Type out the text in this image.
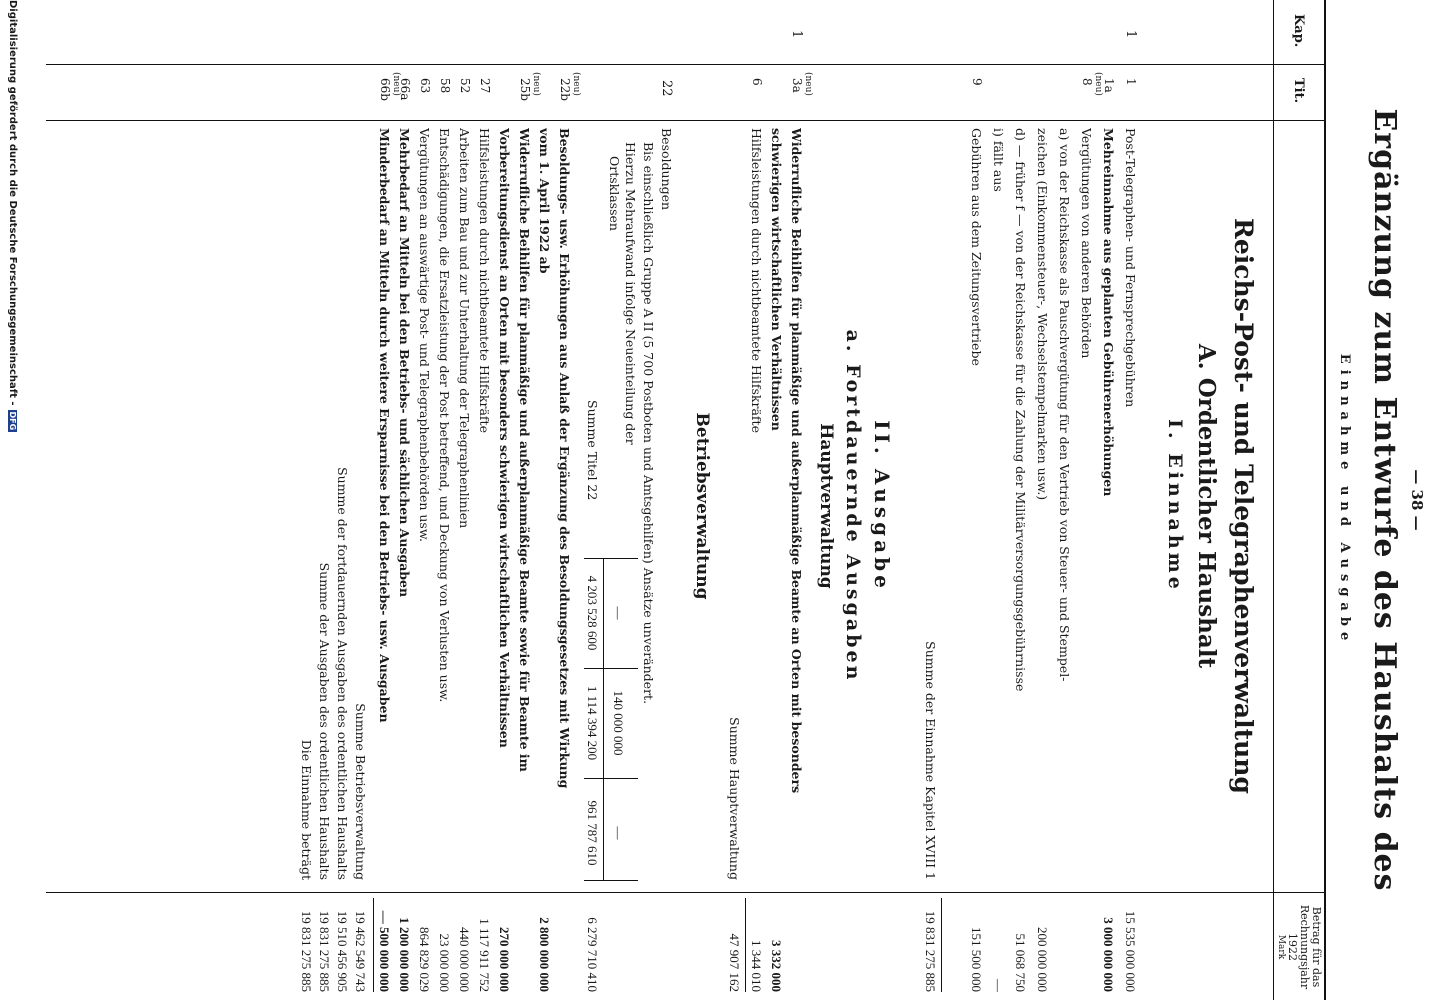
— 38 —
Ergänzung zum Entwurfe des Haushalts des
Einnahme und Ausgabe
Kap.
Tit.
Betrag für das Rechnungsjahr 1922
Mark
Reichs-Post- und Telegraphenverwaltung
A. Ordentlicher Haushalt
I. Einnahme
1
1
Post-Telegraphen- und Fernsprechgebühren
15 535 000 000
1a
Mehreinnahme aus geplanten Gebührenerhöhungen
3 000 000 000
8 (neu)
Vergütungen von anderen Behörden
a) von der Reichskasse als Pauschvergütung für den Vertrieb von Steuer- und Stempel-
zeichen (Einkommensteuer-, Wechselstempelmarken usw.)
200 000 000
d) — früher f — von der Reichskasse für die Zahlung der Militärversorgungsgebührnisse
51 068 750
i) fällt aus
—
9
Gebühren aus dem Zeitungsvertriebe
151 500 000
Summe der Einnahme Kapitel XVIII 1
19 831 275 885
II. Ausgabe
a. Fortdauernde Ausgaben
Hauptverwaltung
1
3a (neu)
Widerrufliche Beihilfen für planmäßige und außerplanmäßige Beamte an Orten mit besonders
schwierigen wirtschaftlichen Verhältnissen
3 332 000
6
Hilfsleistungen durch nichtbeamtete Hilfskräfte
1 344 010
Summe Hauptverwaltung
47 907 162
Betriebsverwaltung
22
Besoldungen
Bis einschließlich Gruppe A II (5 700 Postboten und Amtsgehilfen) Ansätze unverändert.
Hierzu Mehraufwand infolge Neueinteilung der
Ortsklassen
—
140 000 000
—
4 203 528 600
1 114 394 200
961 787 610
Summe Titel 22
6 279 710 410
22b (neu)
Besoldungs- usw. Erhöhungen aus Anlaß der Ergänzung des Besoldungsgesetzes mit Wirkung
vom 1. April 1922 ab
2 800 000 000
25b (neu)
Widerrufliche Beihilfen für planmäßige und außerplanmäßige Beamte sowie für Beamte im
Vorbereitungsdienst an Orten mit besonders schwierigen wirtschaftlichen Verhältnissen
270 000 000
27
Hilfsleistungen durch nichtbeamtete Hilfskräfte
1 117 911 752
52
Arbeiten zum Bau und zur Unterhaltung der Telegraphenlinien
440 000 000
58
Entschädigungen, die Ersatzleistung der Post betreffend, und Deckung von Verlusten usw.
23 000 000
63
Vergütungen an auswärtige Post- und Telegraphenbehörden usw.
864 829 029
66a
Mehrbedarf an Mitteln bei den Betriebs- und sächlichen Ausgaben
1 200 000 000
66b (neu)
Minderbedarf an Mitteln durch weitere Ersparnisse bei den Betriebs- usw. Ausgaben
— 500 000 000
Summe Betriebsverwaltung
19 462 549 743
Summe der fortdauernden Ausgaben des ordentlichen Haushalts
19 510 456 905
Summe der Ausgaben des ordentlichen Haushalts
19 831 275 885
Die Einnahme beträgt
19 831 275 885
Digitalisierung gefördert durch die Deutsche Forschungsgemeinschaft -DFG
